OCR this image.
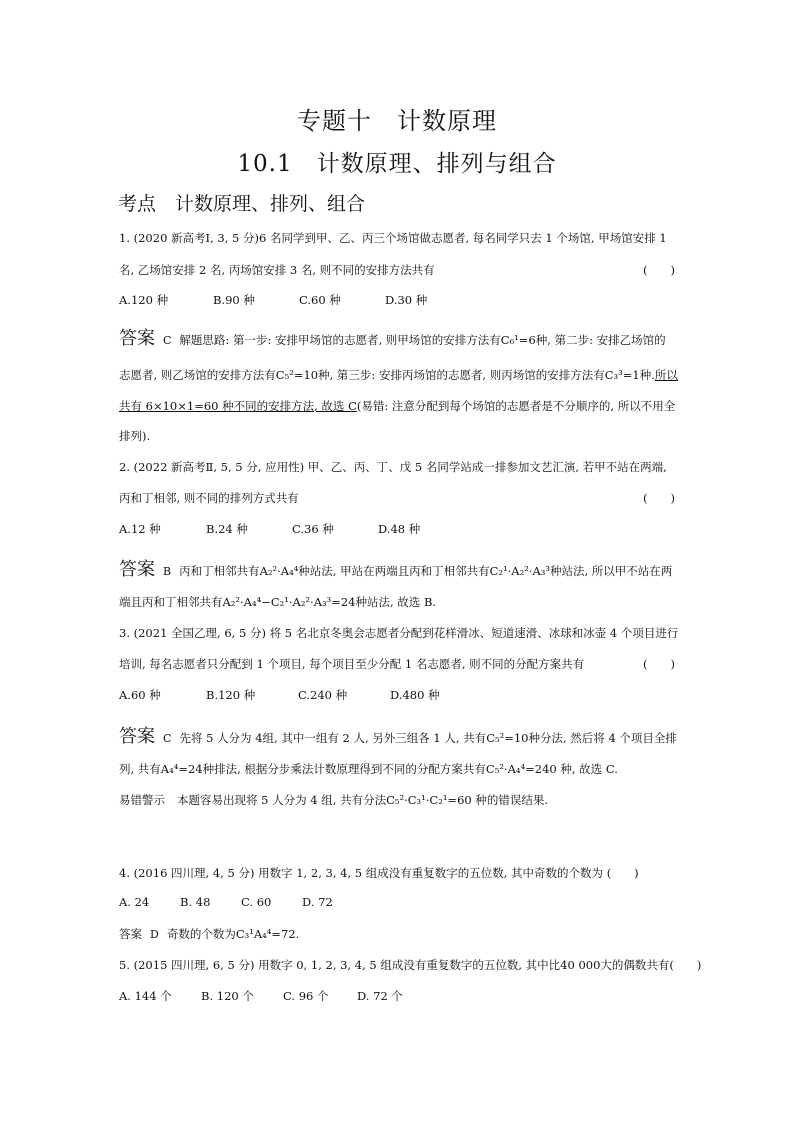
专题十　计数原理
10.1　计数原理、排列与组合
考点　计数原理、排列、组合
1. (2020 新高考Ⅰ, 3, 5 分)6 名同学到甲、乙、丙三个场馆做志愿者, 每名同学只去 1 个场馆, 甲场馆安排 1
名, 乙场馆安排 2 名, 丙场馆安排 3 名, 则不同的安排方法共有	(　　)
A.120 种	B.90 种	C.60 种	D.30 种
答案 C 解题思路: 第一步: 安排甲场馆的志愿者, 则甲场馆的安排方法有C₆¹=6种, 第二步: 安排乙场馆的
志愿者, 则乙场馆的安排方法有C₅²=10种, 第三步: 安排丙场馆的志愿者, 则丙场馆的安排方法有C₃³=1种.所以
共有 6×10×1=60 种不同的安排方法, 故选 C(易错: 注意分配到每个场馆的志愿者是不分顺序的, 所以不用全
排列).
2. (2022 新高考Ⅱ, 5, 5 分, 应用性) 甲、乙、丙、丁、戊 5 名同学站成一排参加文艺汇演, 若甲不站在两端,
丙和丁相邻, 则不同的排列方式共有	(　　)
A.12 种	B.24 种	C.36 种	D.48 种
答案 B 丙和丁相邻共有A₂²·A₄⁴种站法, 甲站在两端且丙和丁相邻共有C₂¹·A₂²·A₃³种站法, 所以甲不站在两
端且丙和丁相邻共有A₂²·A₄⁴−C₂¹·A₂²·A₃³=24种站法, 故选 B.
3. (2021 全国乙理, 6, 5 分) 将 5 名北京冬奥会志愿者分配到花样滑冰、短道速滑、冰球和冰壶 4 个项目进行
培训, 每名志愿者只分配到 1 个项目, 每个项目至少分配 1 名志愿者, 则不同的分配方案共有	(　　)
A.60 种	B.120 种	C.240 种	D.480 种
答案 C 先将 5 人分为 4组, 其中一组有 2 人, 另外三组各 1 人, 共有C₅²=10种分法, 然后将 4 个项目全排
列, 共有A₄⁴=24种排法, 根据分步乘法计数原理得到不同的分配方案共有C₅²·A₄⁴=240 种, 故选 C.
易错警示 本题容易出现将 5 人分为 4 组, 共有分法C₅²·C₃¹·C₂¹=60 种的错误结果.
4. (2016 四川理, 4, 5 分) 用数字 1, 2, 3, 4, 5 组成没有重复数字的五位数, 其中奇数的个数为 (　　)
A. 24	B. 48	C. 60	D. 72
答案 D 奇数的个数为C₃¹A₄⁴=72.
5. (2015 四川理, 6, 5 分) 用数字 0, 1, 2, 3, 4, 5 组成没有重复数字的五位数, 其中比40 000大的偶数共有(　　)
A. 144 个	B. 120 个	C. 96 个 D. 72 个
